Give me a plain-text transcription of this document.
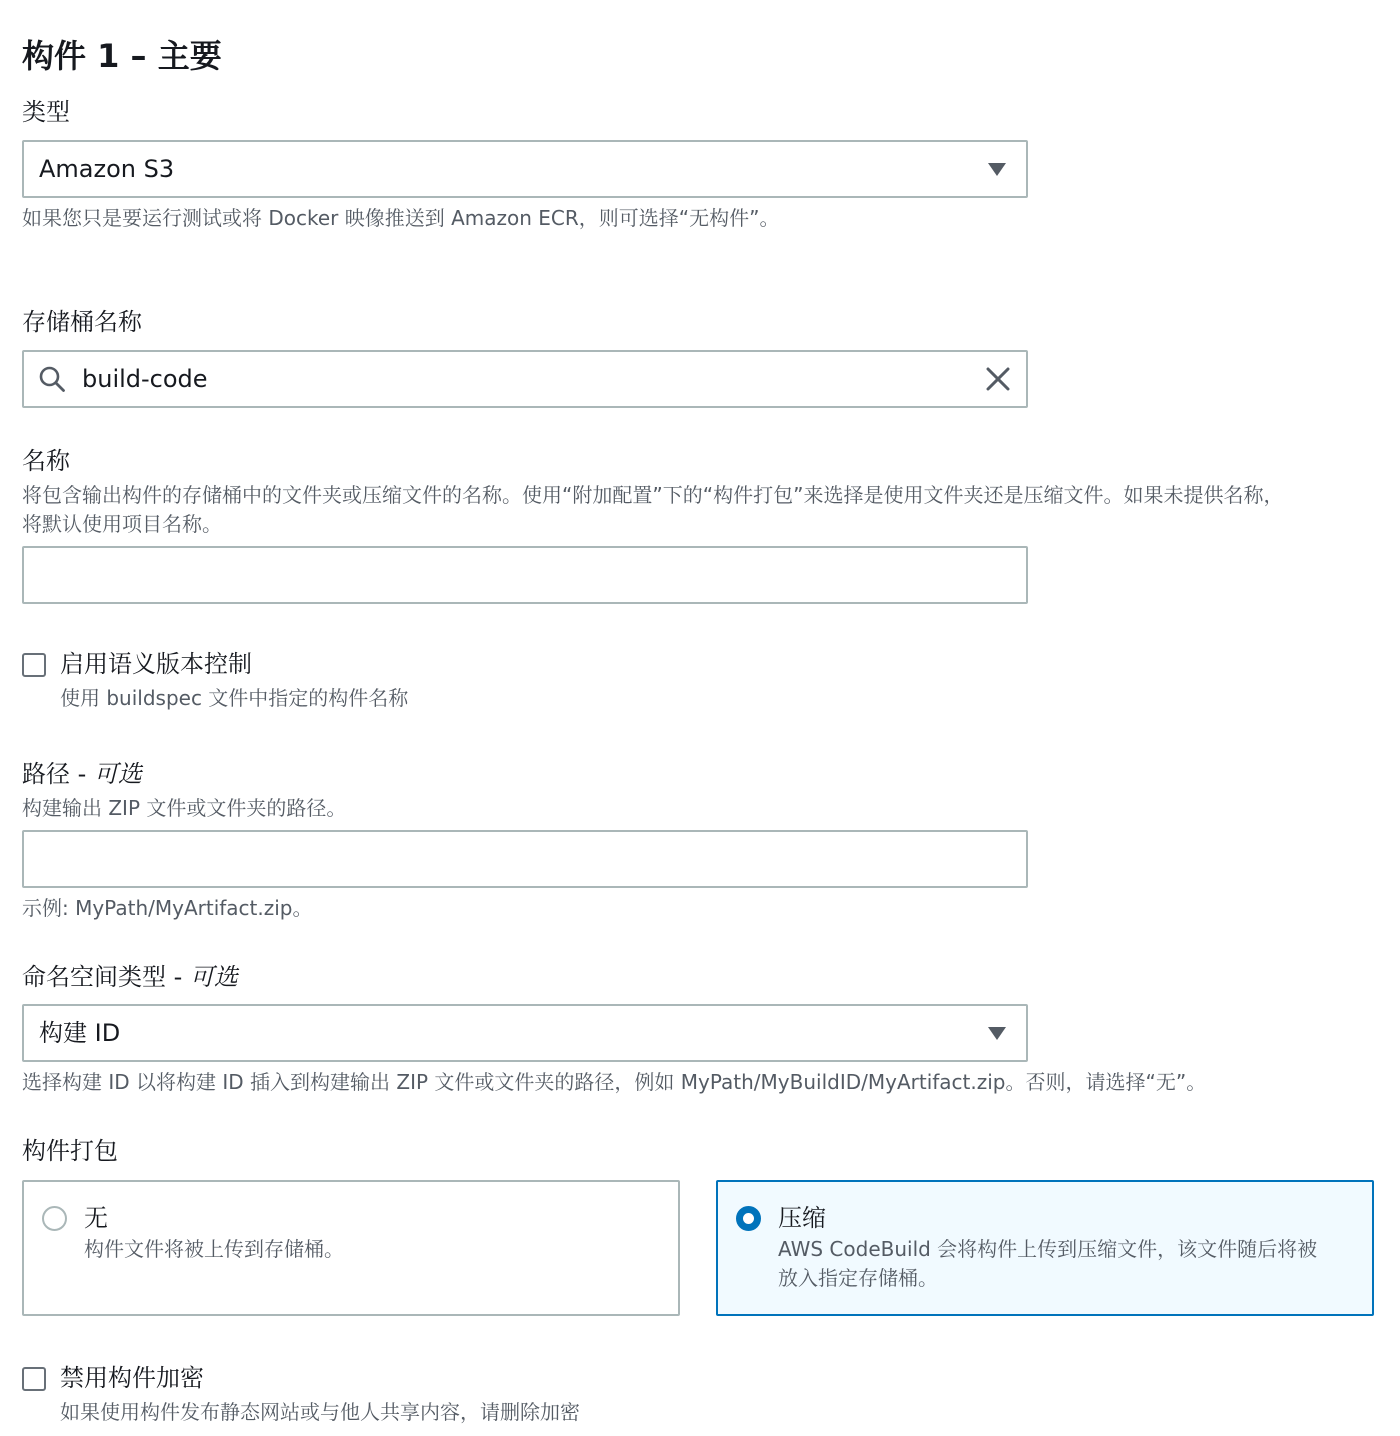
构件 1 – 主要
类型
Amazon S3
如果您只是要运行测试或将 Docker 映像推送到 Amazon ECR，则可选择“无构件”。
存储桶名称
build-code
名称
将包含输出构件的存储桶中的文件夹或压缩文件的名称。使用“附加配置”下的“构件打包”来选择是使用文件夹还是压缩文件。如果未提供名称，
将默认使用项目名称。
启用语义版本控制
使用 buildspec 文件中指定的构件名称
路径 - 可选
构建输出 ZIP 文件或文件夹的路径。
示例: MyPath/MyArtifact.zip。
命名空间类型 - 可选
构建 ID
选择构建 ID 以将构建 ID 插入到构建输出 ZIP 文件或文件夹的路径，例如 MyPath/MyBuildID/MyArtifact.zip。否则，请选择“无”。
构件打包
无
构件文件将被上传到存储桶。
压缩
AWS CodeBuild 会将构件上传到压缩文件，该文件随后将被
放入指定存储桶。
禁用构件加密
如果使用构件发布静态网站或与他人共享内容，请删除加密
